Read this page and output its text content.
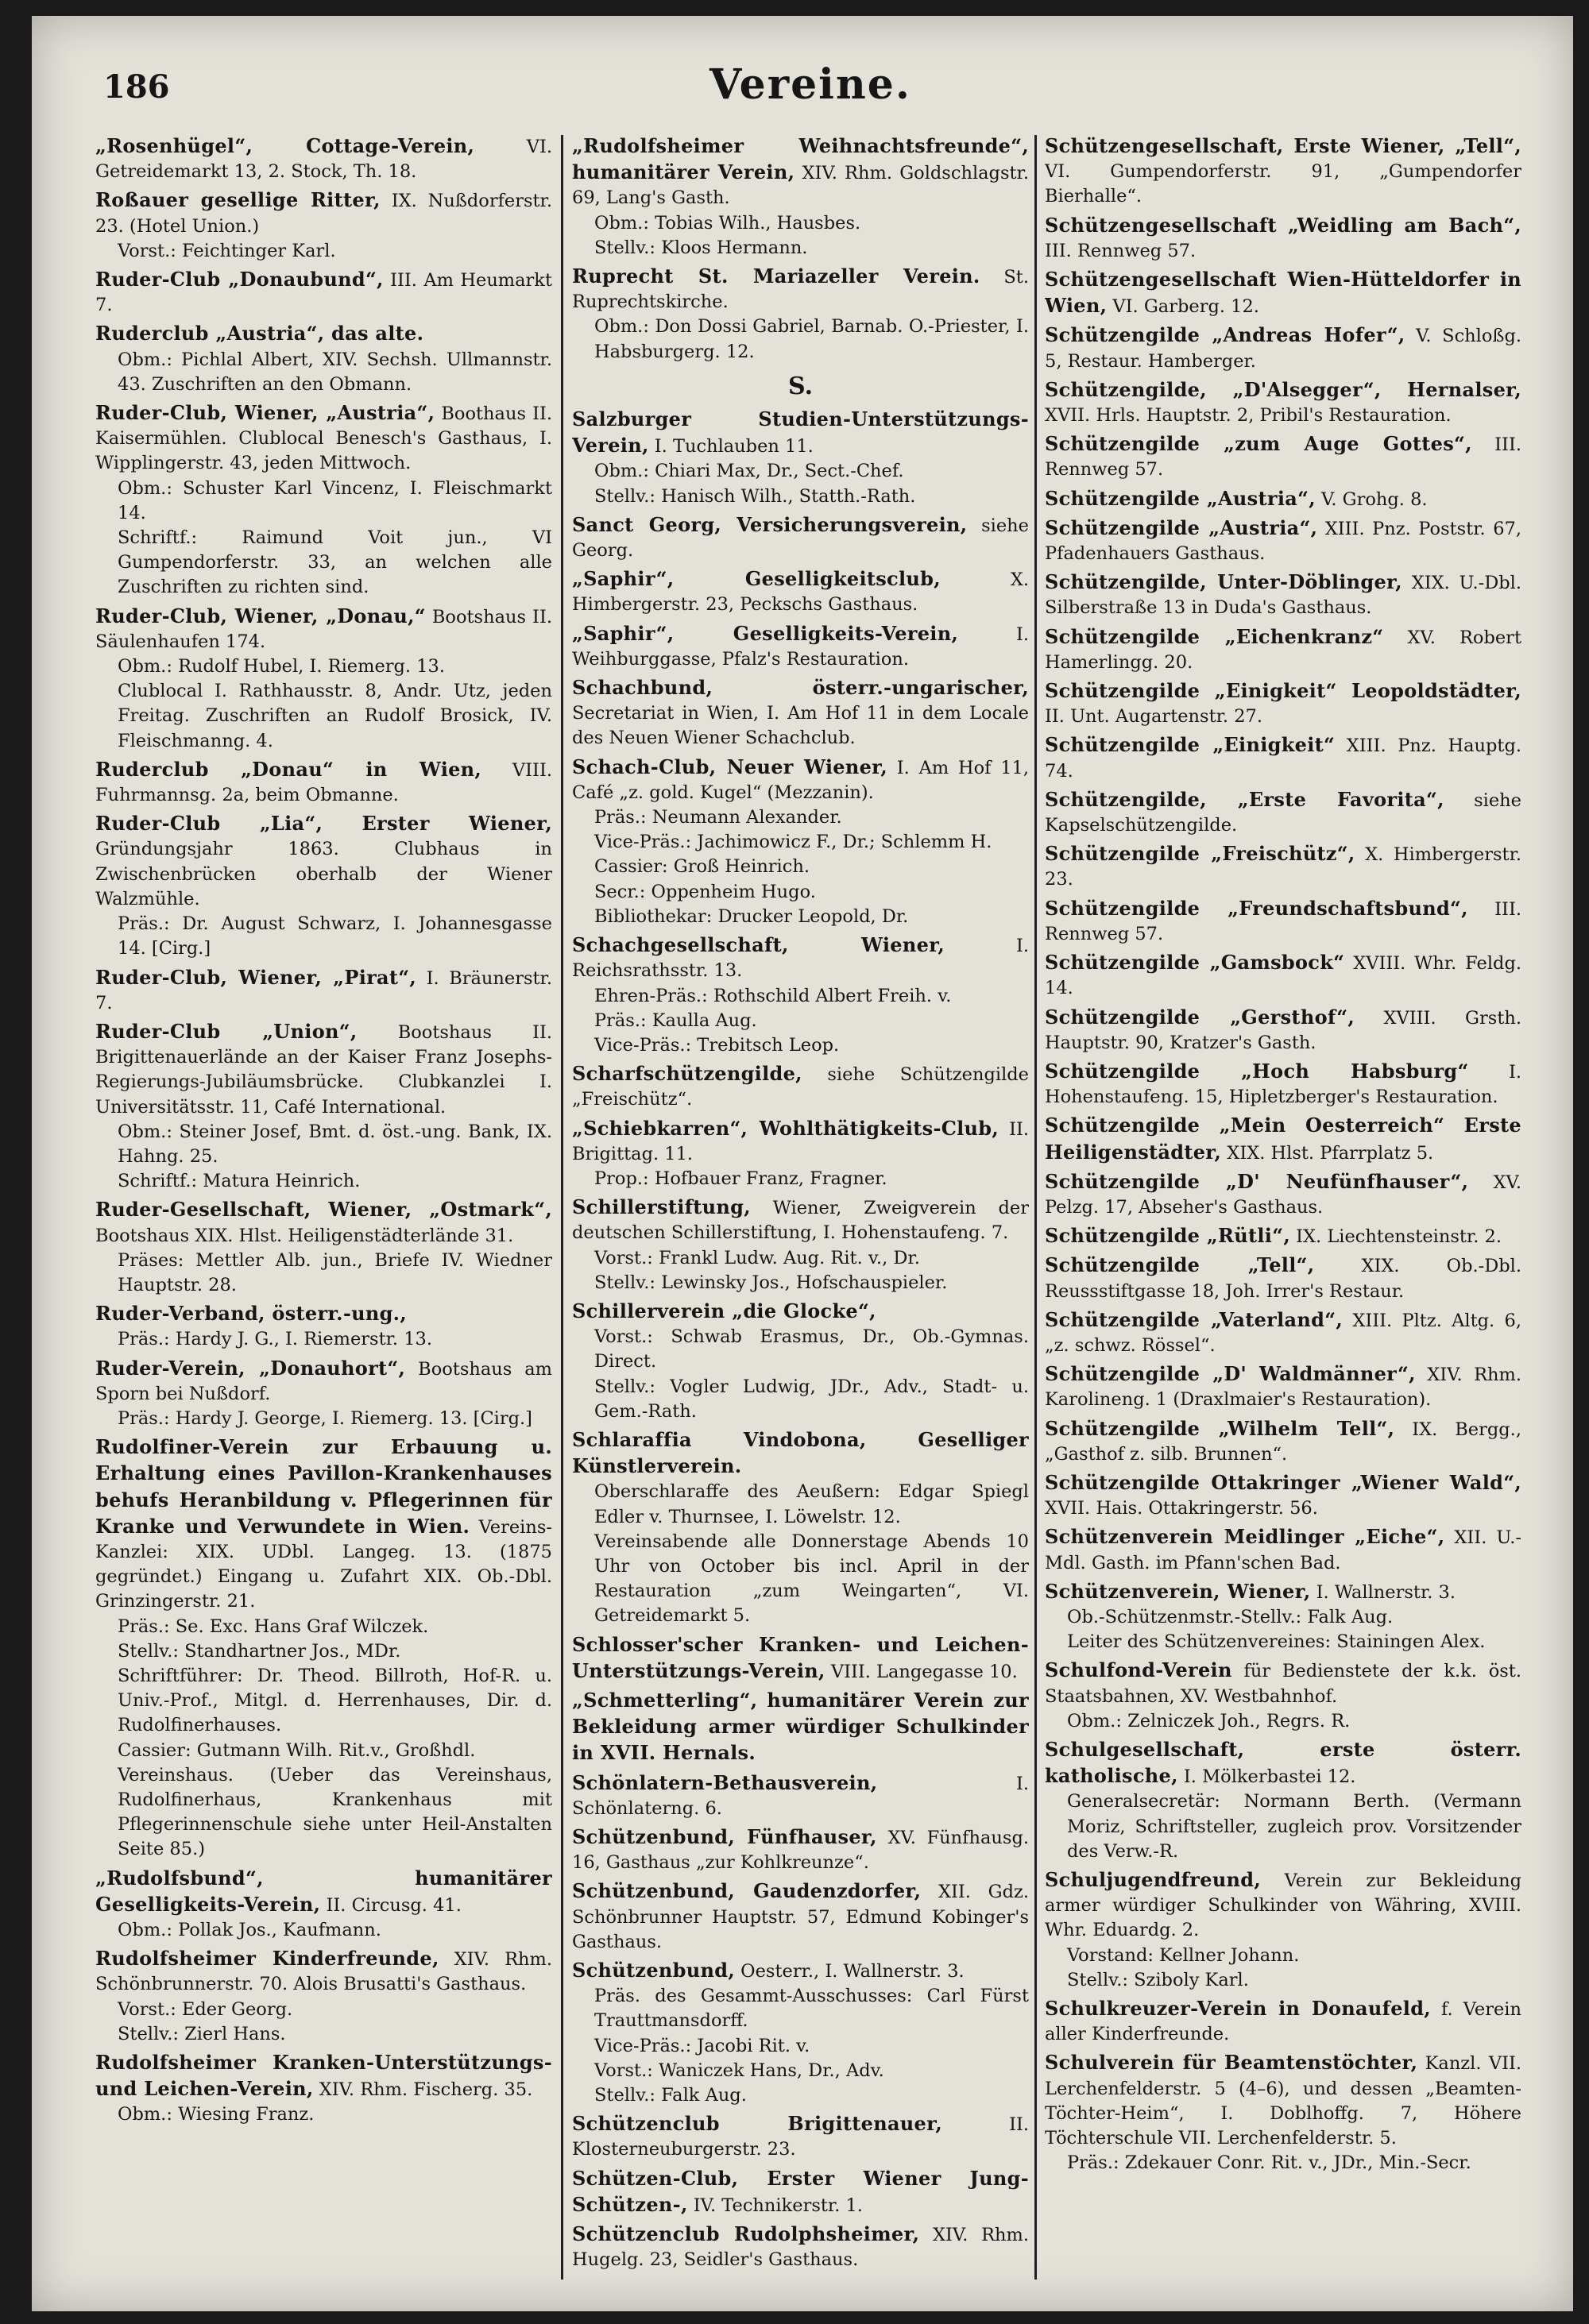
186	Vereine.

„Rosenhügel“, Cottage-Verein,	VI. Getreidemarkt 13, 2. Stock, Th. 18.

Roßauer gesellige Ritter, IX. Nußdorferstr. 23. (Hotel Union.)

Vorst.: Feichtinger Karl.

Ruder-Club „Donaubund“, III. Am Heumarkt 7.

Ruderclub „Austria“, das alte.

Obm.: Pichlal Albert, XIV. Sechsh. Ullmannstr. 43. Zuschriften an den Obmann.

Ruder-Club, Wiener, „Austria“, Boothaus II. Kaisermühlen. Clublocal Benesch's Gasthaus, I. Wipplingerstr. 43, jeden Mittwoch.

Obm.: Schuster Karl Vincenz, I. Fleischmarkt 14.

Schriftf.: Raimund Voit jun., VI Gumpendorferstr. 33, an welchen alle Zuschriften zu richten sind.

Ruder-Club, Wiener, „Donau,“ Bootshaus II. Säulenhaufen 174.

Obm.: Rudolf Hubel, I. Riemerg. 13.

Clublocal I. Rathhausstr. 8, Andr. Utz, jeden Freitag. Zuschriften an Rudolf Brosick, IV. Fleischmanng. 4.

Ruderclub „Donau“ in Wien, VIII. Fuhrmannsg. 2a, beim Obmanne.

Ruder-Club „Lia“, Erster Wiener, Gründungsjahr 1863. Clubhaus in Zwischenbrücken oberhalb der Wiener Walzmühle.

Präs.: Dr. August Schwarz, I. Johannesgasse 14. [Cirg.]

Ruder-Club, Wiener, „Pirat“, I. Bräunerstr. 7.

Ruder-Club „Union“, Bootshaus II. Brigittenauerlände an der Kaiser Franz Josephs-Regierungs-Jubiläumsbrücke. Clubkanzlei I. Universitätsstr. 11, Café International.

Obm.: Steiner Josef, Bmt. d. öst.-ung. Bank, IX. Hahng. 25.

Schriftf.: Matura Heinrich.

Ruder-Gesellschaft, Wiener, „Ostmark“, Bootshaus XIX. Hlst. Heiligenstädterlände 31.

Präses: Mettler Alb. jun., Briefe IV. Wiedner Hauptstr. 28.

Ruder-Verband, österr.-ung.,

Präs.: Hardy J. G., I. Riemerstr. 13.

Ruder-Verein, „Donauhort“, Bootshaus am Sporn bei Nußdorf.

Präs.: Hardy J. George, I. Riemerg. 13. [Cirg.]

Rudolfiner-Verein zur Erbauung u. Erhaltung eines Pavillon-Krankenhauses behufs Heranbildung v. Pflegerinnen für Kranke und Verwundete in Wien. Vereins-Kanzlei: XIX. UDbl. Langeg. 13. (1875 gegründet.) Eingang u. Zufahrt XIX. Ob.-Dbl. Grinzingerstr. 21.

Präs.: Se. Exc. Hans Graf Wilczek.

Stellv.: Standhartner Jos., MDr.

Schriftführer: Dr. Theod. Billroth, Hof-R. u. Univ.-Prof., Mitgl. d. Herrenhauses, Dir. d. Rudolfinerhauses.

Cassier: Gutmann Wilh. Rit.v., Großhdl.

Vereinshaus. (Ueber das Vereinshaus, Rudolfinerhaus, Krankenhaus mit Pflegerinnenschule siehe unter Heil-Anstalten Seite 85.)

„Rudolfsbund“, humanitärer Geselligkeits-Verein, II. Circusg. 41.

Obm.: Pollak Jos., Kaufmann.

Rudolfsheimer Kinderfreunde, XIV. Rhm. Schönbrunnerstr. 70. Alois Brusatti's Gasthaus.

Vorst.: Eder Georg.

Stellv.: Zierl Hans.

Rudolfsheimer Kranken-Unterstützungs- und Leichen-Verein, XIV. Rhm. Fischerg. 35.

Obm.: Wiesing Franz.

„Rudolfsheimer Weihnachtsfreunde“, humanitärer Verein, XIV. Rhm. Goldschlagstr. 69, Lang's Gasth.

Obm.: Tobias Wilh., Hausbes.

Stellv.: Kloos Hermann.

Ruprecht St. Mariazeller Verein. St. Ruprechtskirche.

Obm.: Don Dossi Gabriel, Barnab. O.-Priester, I. Habsburgerg. 12.

S.

Salzburger Studien-Unterstützungs-Verein, I. Tuchlauben 11.

Obm.: Chiari Max, Dr., Sect.-Chef.

Stellv.: Hanisch Wilh., Statth.-Rath.

Sanct Georg, Versicherungsverein, siehe Georg.

„Saphir“, Geselligkeitsclub,	X. Himbergerstr. 23, Peckschs Gasthaus.

„Saphir“, Geselligkeits-Verein,	I. Weihburggasse, Pfalz's Restauration.

Schachbund, österr.-ungarischer, Secretariat in Wien, I. Am Hof 11 in dem Locale des Neuen Wiener Schachclub.

Schach-Club, Neuer Wiener, I. Am Hof 11, Café „z. gold. Kugel“ (Mezzanin).

Präs.: Neumann Alexander.

Vice-Präs.: Jachimowicz F., Dr.; Schlemm H.

Cassier: Groß Heinrich.

Secr.: Oppenheim Hugo.

Bibliothekar: Drucker Leopold, Dr.

Schachgesellschaft, Wiener,	I. Reichsrathsstr. 13.

Ehren-Präs.: Rothschild Albert Freih. v.

Präs.: Kaulla Aug.

Vice-Präs.: Trebitsch Leop.

Scharfschützengilde, siehe Schützengilde „Freischütz“.

„Schiebkarren“, Wohlthätigkeits-Club, II. Brigittag. 11.

Prop.: Hofbauer Franz, Fragner.

Schillerstiftung, Wiener, Zweigverein der deutschen Schillerstiftung, I. Hohenstaufeng. 7.

Vorst.: Frankl Ludw. Aug. Rit. v., Dr.

Stellv.: Lewinsky Jos., Hofschauspieler.

Schillerverein „die Glocke“,

Vorst.: Schwab Erasmus, Dr., Ob.-Gymnas. Direct.

Stellv.: Vogler Ludwig, JDr., Adv., Stadt- u. Gem.-Rath.

Schlaraffia Vindobona, Geselliger Künstlerverein.

Oberschlaraffe des Aeußern: Edgar Spiegl Edler v. Thurnsee, I. Löwelstr. 12.

Vereinsabende alle Donnerstage Abends 10 Uhr von October bis incl. April in der Restauration „zum Weingarten“, VI. Getreidemarkt 5.

Schlosser'scher Kranken- und Leichen-Unterstützungs-Verein, VIII. Langegasse 10.

„Schmetterling“, humanitärer Verein zur Bekleidung armer würdiger Schulkinder in XVII. Hernals.

Schönlatern-Bethausverein,	I. Schönlaterng. 6.

Schützenbund, Fünfhauser, XV. Fünfhausg. 16, Gasthaus „zur Kohlkreunze“.

Schützenbund, Gaudenzdorfer, XII. Gdz. Schönbrunner Hauptstr. 57, Edmund Kobinger's Gasthaus.

Schützenbund, Oesterr., I. Wallnerstr. 3.

Präs. des Gesammt-Ausschusses: Carl Fürst Trauttmansdorff.

Vice-Präs.: Jacobi Rit. v.

Vorst.: Waniczek Hans, Dr., Adv.

Stellv.: Falk Aug.

Schützenclub Brigittenauer,	II. Klosterneuburgerstr. 23.

Schützen-Club, Erster Wiener Jung-Schützen-, IV. Technikerstr. 1.

Schützenclub Rudolphsheimer, XIV. Rhm. Hugelg. 23, Seidler's Gasthaus.

Schützengesellschaft, Erste Wiener, „Tell“, VI. Gumpendorferstr. 91, „Gumpendorfer Bierhalle“.

Schützengesellschaft „Weidling am Bach“, III. Rennweg 57.

Schützengesellschaft Wien-Hütteldorfer in Wien, VI. Garberg. 12.

Schützengilde „Andreas Hofer“, V. Schloßg. 5, Restaur. Hamberger.

Schützengilde, „D'Alsegger“, Hernalser, XVII. Hrls. Hauptstr. 2, Pribil's Restauration.

Schützengilde „zum Auge Gottes“, III. Rennweg 57.

Schützengilde „Austria“, V. Grohg. 8.

Schützengilde „Austria“, XIII. Pnz. Poststr. 67, Pfadenhauers Gasthaus.

Schützengilde, Unter-Döblinger, XIX. U.-Dbl. Silberstraße 13 in Duda's Gasthaus.

Schützengilde „Eichenkranz“ XV. Robert Hamerlingg. 20.

Schützengilde „Einigkeit“ Leopoldstädter, II. Unt. Augartenstr. 27.

Schützengilde „Einigkeit“ XIII. Pnz. Hauptg. 74.

Schützengilde, „Erste Favorita“, siehe Kapselschützengilde.

Schützengilde „Freischütz“, X. Himbergerstr. 23.

Schützengilde „Freundschaftsbund“, III. Rennweg 57.

Schützengilde „Gamsbock“ XVIII. Whr. Feldg. 14.

Schützengilde „Gersthof“, XVIII. Grsth. Hauptstr. 90, Kratzer's Gasth.

Schützengilde „Hoch Habsburg“ I. Hohenstaufeng. 15, Hipletzberger's Restauration.

Schützengilde „Mein Oesterreich“ Erste Heiligenstädter, XIX. Hlst. Pfarrplatz 5.

Schützengilde „D' Neufünfhauser“, XV. Pelzg. 17, Abseher's Gasthaus.

Schützengilde „Rütli“, IX. Liechtensteinstr. 2.

Schützengilde „Tell“,	XIX. Ob.-Dbl. Reussstiftgasse 18, Joh. Irrer's Restaur.

Schützengilde „Vaterland“, XIII. Pltz. Altg. 6, „z. schwz. Rössel“.

Schützengilde „D' Waldmänner“, XIV. Rhm. Karolineng. 1 (Draxlmaier's Restauration).

Schützengilde „Wilhelm Tell“, IX. Bergg., „Gasthof z. silb. Brunnen“.

Schützengilde Ottakringer „Wiener Wald“, XVII. Hais. Ottakringerstr. 56.

Schützenverein Meidlinger „Eiche“, XII. U.-Mdl. Gasth. im Pfann'schen Bad.

Schützenverein, Wiener, I. Wallnerstr. 3.

Ob.-Schützenmstr.-Stellv.: Falk Aug.

Leiter des Schützenvereines: Stainingen Alex.

Schulfond-Verein für Bedienstete der k.k. öst. Staatsbahnen, XV. Westbahnhof.

Obm.: Zelniczek Joh., Regrs. R.

Schulgesellschaft, erste österr. katholische, I. Mölkerbastei 12.

Generalsecretär: Normann Berth. (Vermann Moriz, Schriftsteller, zugleich prov. Vorsitzender des Verw.-R.

Schuljugendfreund, Verein zur Bekleidung armer würdiger Schulkinder von Währing, XVIII. Whr. Eduardg. 2.

Vorstand: Kellner Johann.

Stellv.: Sziboly Karl.

Schulkreuzer-Verein in Donaufeld, f. Verein aller Kinderfreunde.

Schulverein für Beamtenstöchter, Kanzl. VII. Lerchenfelderstr. 5 (4–6), und dessen „Beamten-Töchter-Heim“, I. Doblhoffg. 7, Höhere Töchterschule VII. Lerchenfelderstr. 5.

Präs.: Zdekauer Conr. Rit. v., JDr., Min.-Secr.
